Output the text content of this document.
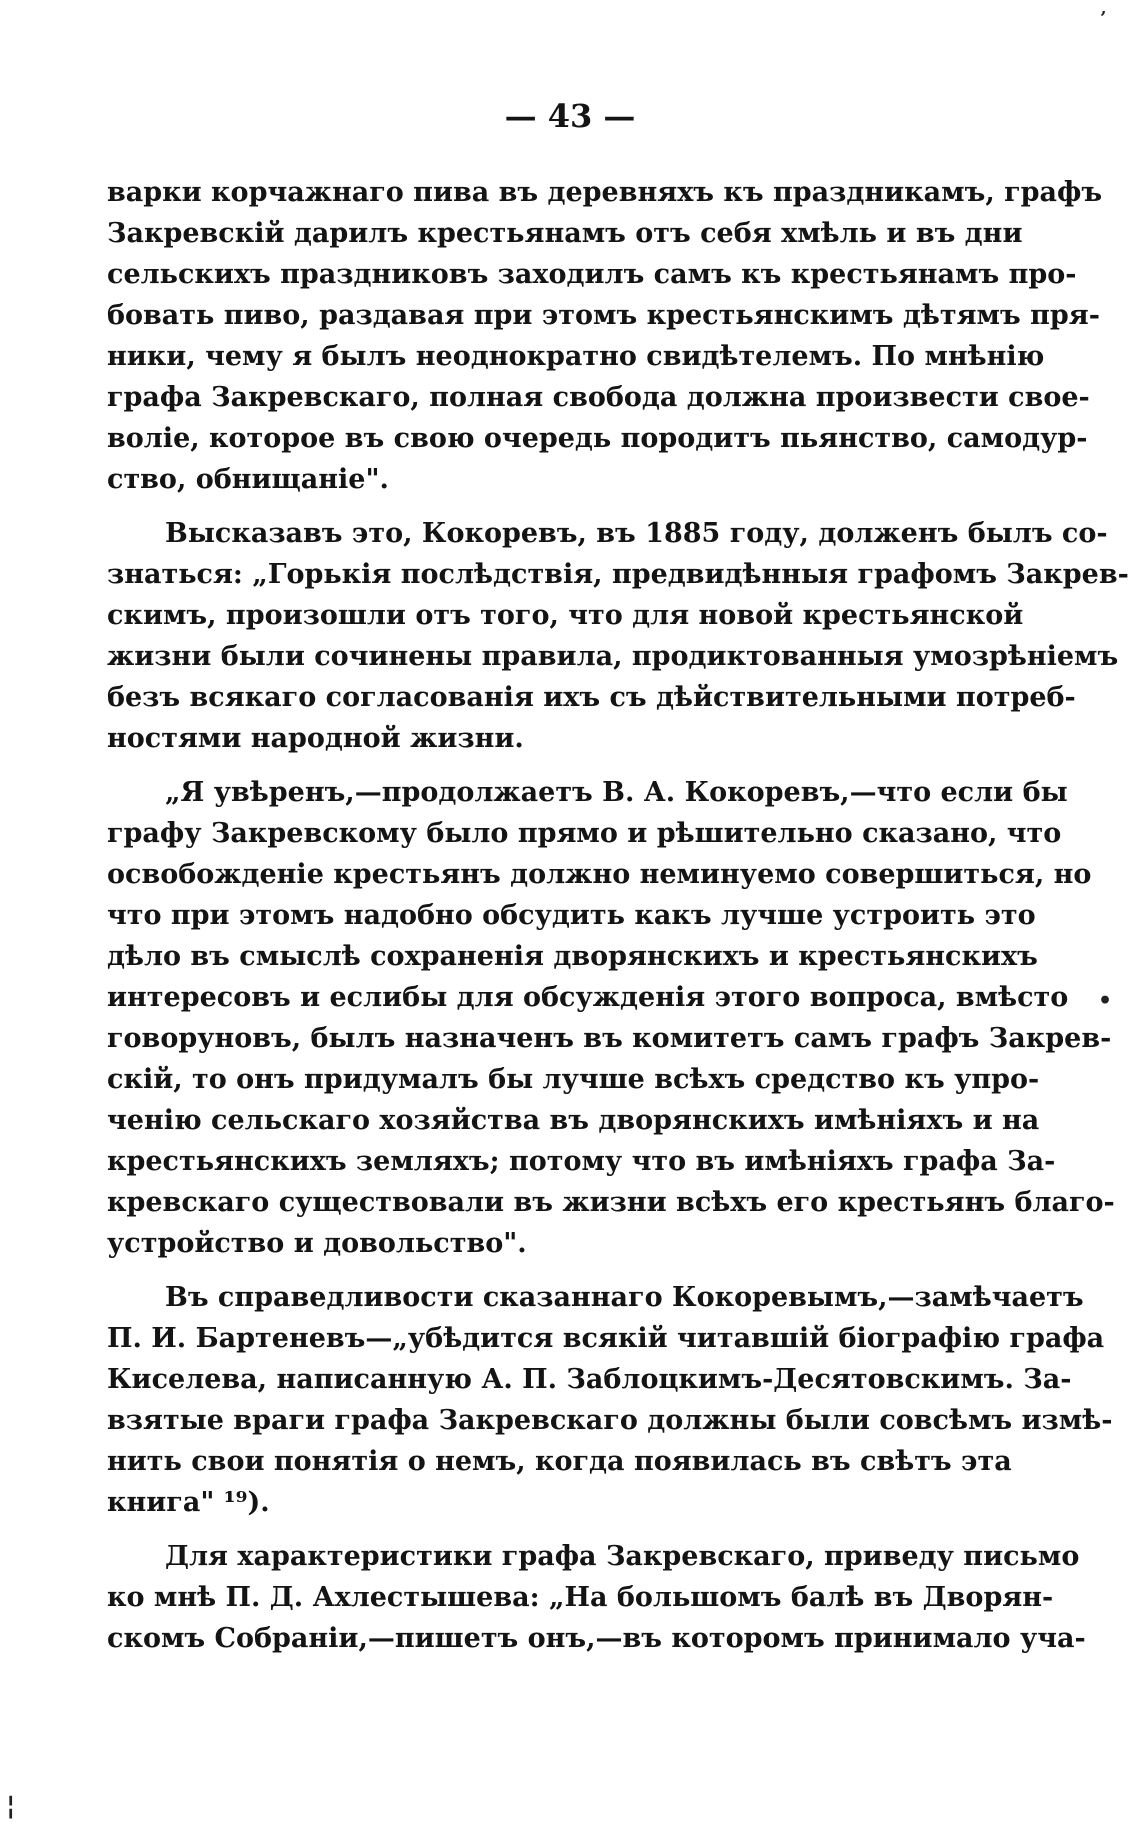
— 43 —
варки корчажнаго пива въ деревняхъ къ праздникамъ, графъ
Закревскій дарилъ крестьянамъ отъ себя хмѣль и въ дни
сельскихъ праздниковъ заходилъ самъ къ крестьянамъ про-
бовать пиво, раздавая при этомъ крестьянскимъ дѣтямъ пря-
ники, чему я былъ неоднократно свидѣтелемъ. По мнѣнію
графа Закревскаго, полная свобода должна произвести свое-
воліе, которое въ свою очередь породитъ пьянство, самодур-
ство, обнищаніе".
Высказавъ это, Кокоревъ, въ 1885 году, долженъ былъ со-
знаться: „Горькія послѣдствія, предвидѣнныя графомъ Закрев-
скимъ, произошли отъ того, что для новой крестьянской
жизни были сочинены правила, продиктованныя умозрѣніемъ
безъ всякаго согласованія ихъ съ дѣйствительными потреб-
ностями народной жизни.
„Я увѣренъ,—продолжаетъ В. А. Кокоревъ,—что если бы
графу Закревскому было прямо и рѣшительно сказано, что
освобожденіе крестьянъ должно неминуемо совершиться, но
что при этомъ надобно обсудить какъ лучше устроить это
дѣло въ смыслѣ сохраненія дворянскихъ и крестьянскихъ
интересовъ и еслибы для обсужденія этого вопроса, вмѣсто
говоруновъ, былъ назначенъ въ комитетъ самъ графъ Закрев-
скій, то онъ придумалъ бы лучше всѣхъ средство къ упро-
ченію сельскаго хозяйства въ дворянскихъ имѣніяхъ и на
крестьянскихъ земляхъ; потому что въ имѣніяхъ графа За-
кревскаго существовали въ жизни всѣхъ его крестьянъ благо-
устройство и довольство".
Въ справедливости сказаннаго Кокоревымъ,—замѣчаетъ
П. И. Бартеневъ—„убѣдится всякій читавшій біографію графа
Киселева, написанную А. П. Заблоцкимъ-Десятовскимъ. За-
взятые враги графа Закревскаго должны были совсѣмъ измѣ-
нить свои понятія о немъ, когда появилась въ свѣтъ эта
книга" ¹⁹).
Для характеристики графа Закревскаго, приведу письмо
ко мнѣ П. Д. Ахлестышева: „На большомъ балѣ въ Дворян-
скомъ Собраніи,—пишетъ онъ,—въ которомъ принимало уча-
•
ʼ
¦
